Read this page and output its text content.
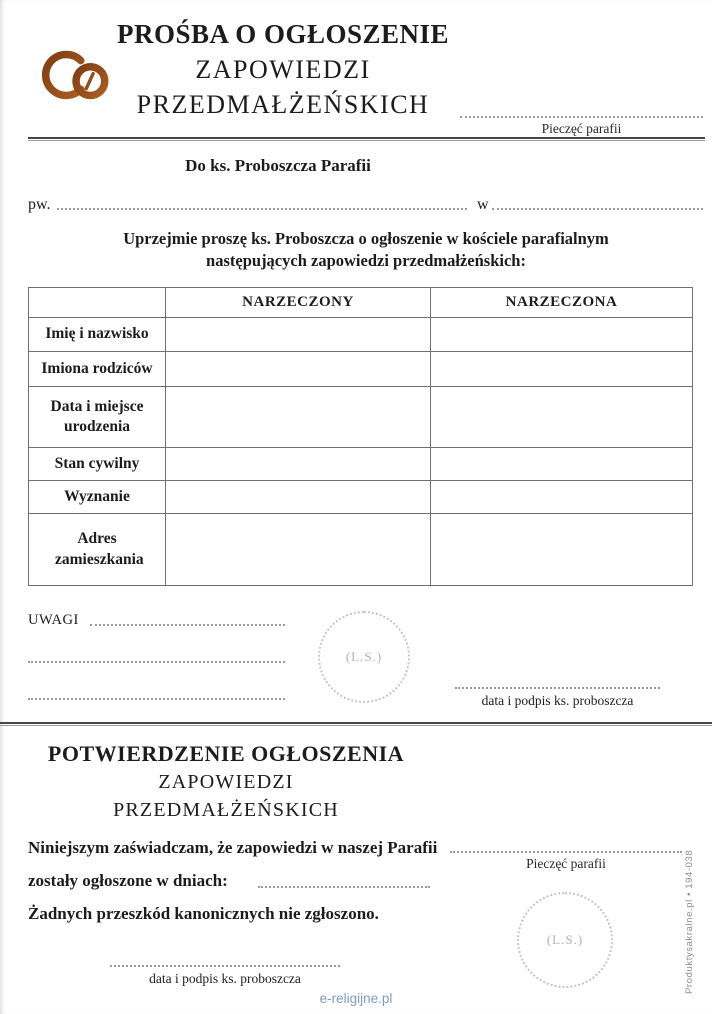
PROŚBA O OGŁOSZENIE
ZAPOWIEDZI
PRZEDMAŁŻEŃSKICH
Pieczęć parafii
Do ks. Proboszcza Parafii
pw.	w
Uprzejmie proszę ks. Proboszcza o ogłoszenie w kościele parafialnym
następujących zapowiedzi przedmałżeńskich:
	NARZECZONY	NARZECZONA
Imię i nazwisko		
Imiona rodziców		
Data i miejsce urodzenia		
Stan cywilny		
Wyznanie		
Adres zamieszkania		
UWAGI
(L.S.)
data i podpis ks. proboszcza
POTWIERDZENIE OGŁOSZENIA
ZAPOWIEDZI
PRZEDMAŁŻEŃSKICH
Niniejszym zaświadczam, że zapowiedzi w naszej Parafii
zostały ogłoszone w dniach:
Żadnych przeszkód kanonicznych nie zgłoszono.
data i podpis ks. proboszcza
Pieczęć parafii
(L.S.)	Produktysakralne.pl • 194-038
e-religijne.pl
